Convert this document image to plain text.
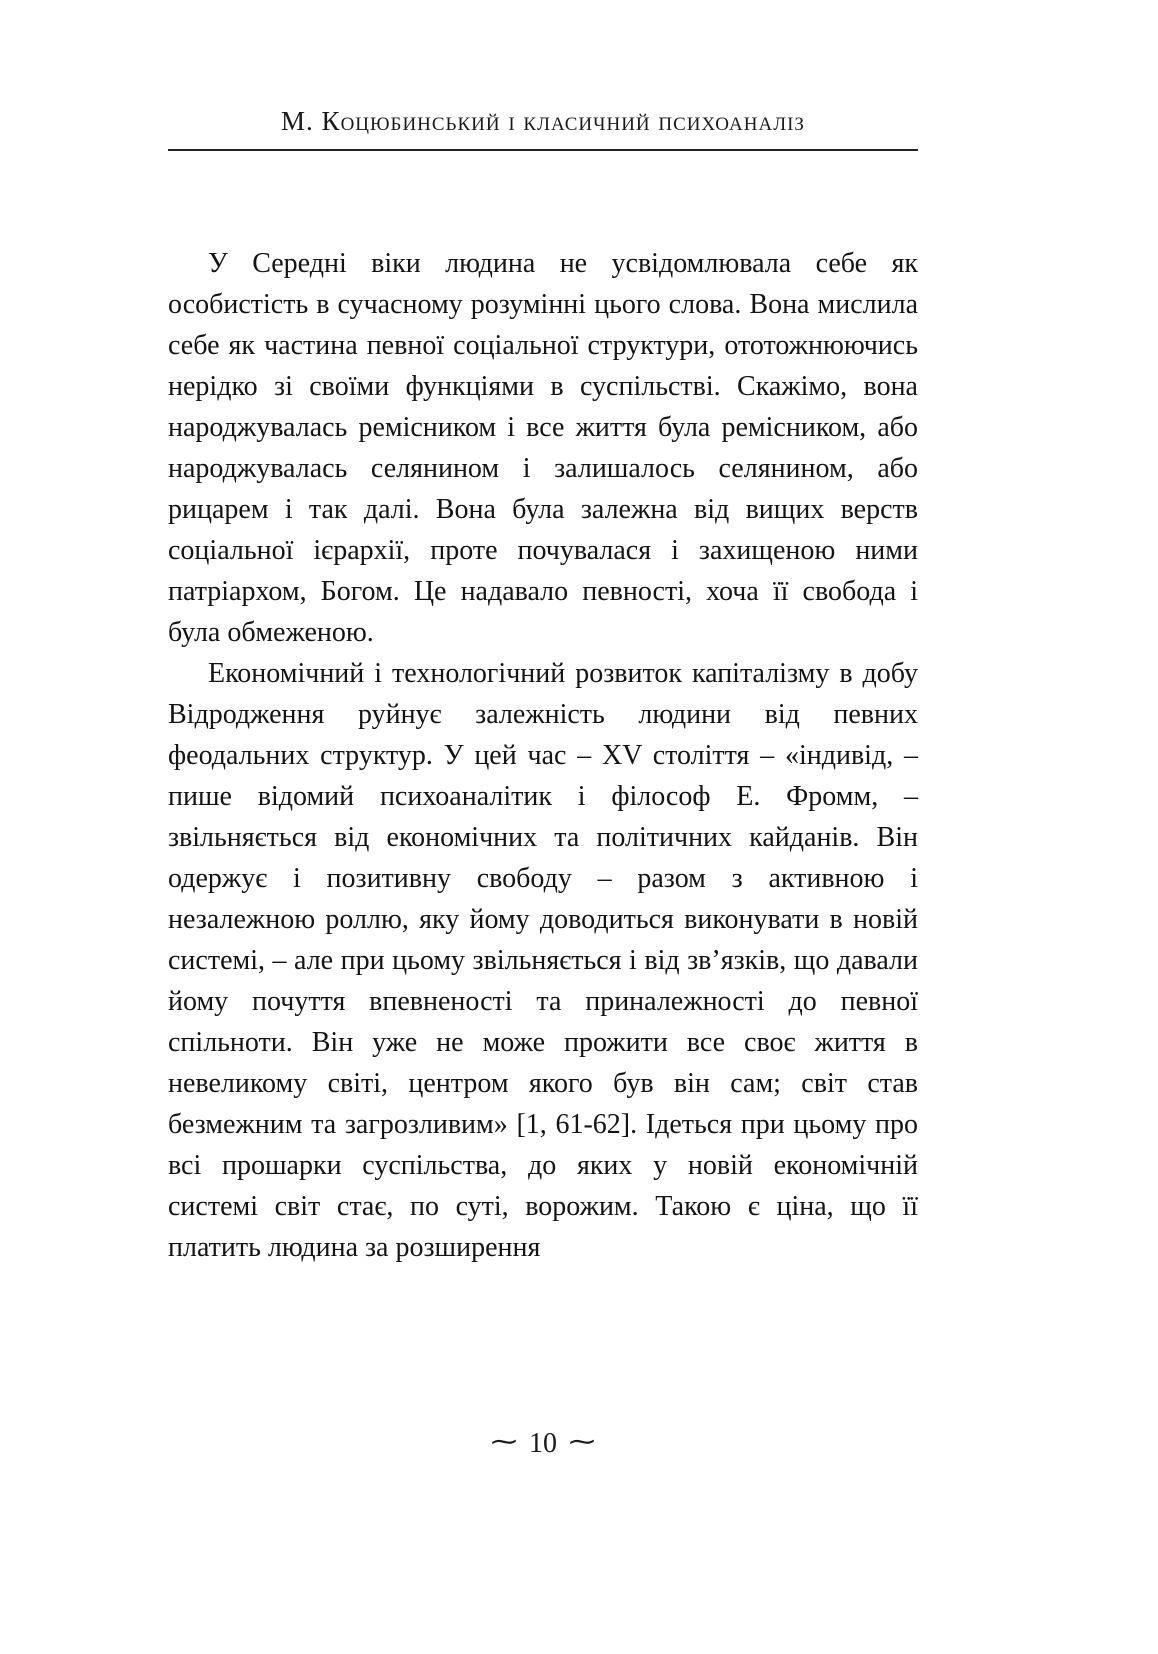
М. Коцюбинський і класичний психоаналіз

У Середні віки людина не усвідомлювала себе як особистість в сучасному розумінні цього слова. Вона мислила себе як частина певної соціальної структури, ототожнюючись нерідко зі своїми функціями в суспільстві. Скажімо, вона народжувалась ремісником і все життя була ремісником, або народжувалась селянином і залишалось селянином, або рицарем і так далі. Вона була залежна від вищих верств соціальної ієрархії, проте почувалася і захищеною ними патріархом, Богом. Це надавало певності, хоча її свобода і була обмеженою.

Економічний і технологічний розвиток капіталізму в добу Відродження руйнує залежність людини від певних феодальних структур. У цей час – XV століття – «індивід, – пише відомий психоаналітик і філософ Е. Фромм, – звільняється від економічних та політичних кайданів. Він одержує і позитивну свободу – разом з активною і незалежною роллю, яку йому доводиться виконувати в новій системі, – але при цьому звільняється і від зв’язків, що давали йому почуття впевненості та приналежності до певної спільноти. Він уже не може прожити все своє життя в невеликому світі, центром якого був він сам; світ став безмежним та загрозливим» [1, 61-62]. Ідеться при цьому про всі прошарки суспільства, до яких у новій економічній системі світ стає, по суті, ворожим. Такою є ціна, що її платить людина за розширення

⁓ 10 ⁓
